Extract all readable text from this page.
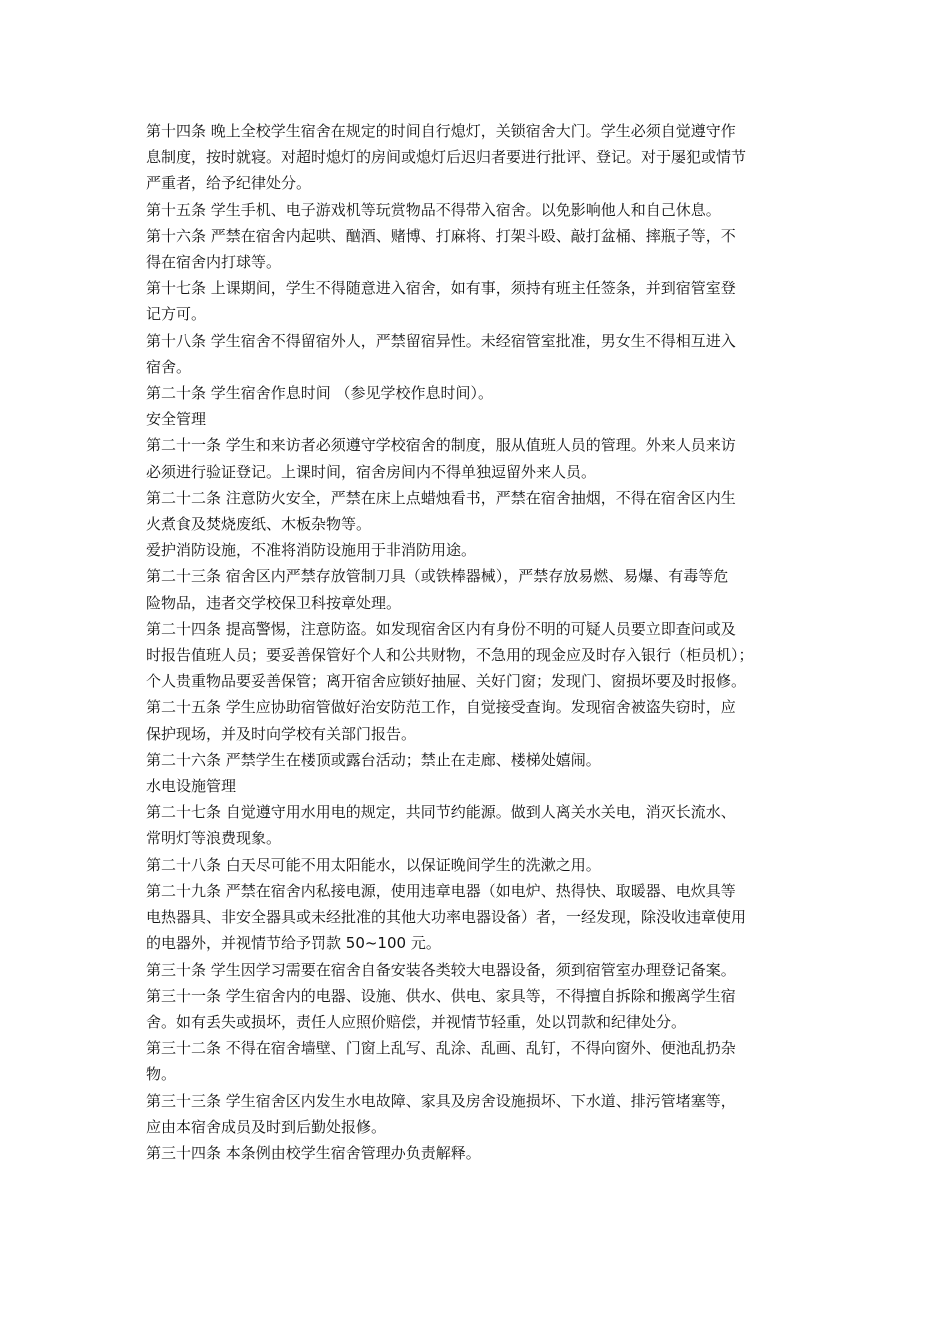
第十四条 晚上全校学生宿舍在规定的时间自行熄灯，关锁宿舍大门。学生必须自觉遵守作
息制度，按时就寝。对超时熄灯的房间或熄灯后迟归者要进行批评、登记。对于屡犯或情节
严重者，给予纪律处分。
第十五条 学生手机、电子游戏机等玩赏物品不得带入宿舍。以免影响他人和自己休息。
第十六条 严禁在宿舍内起哄、酗酒、赌博、打麻将、打架斗殴、敲打盆桶、摔瓶子等，不
得在宿舍内打球等。
第十七条 上课期间，学生不得随意进入宿舍，如有事，须持有班主任签条，并到宿管室登
记方可。
第十八条 学生宿舍不得留宿外人，严禁留宿异性。未经宿管室批准，男女生不得相互进入
宿舍。
第二十条 学生宿舍作息时间 （参见学校作息时间）。
安全管理
第二十一条 学生和来访者必须遵守学校宿舍的制度，服从值班人员的管理。外来人员来访
必须进行验证登记。上课时间，宿舍房间内不得单独逗留外来人员。
第二十二条 注意防火安全，严禁在床上点蜡烛看书，严禁在宿舍抽烟，不得在宿舍区内生
火煮食及焚烧废纸、木板杂物等。
爱护消防设施，不准将消防设施用于非消防用途。
第二十三条 宿舍区内严禁存放管制刀具（或铁棒器械），严禁存放易燃、易爆、有毒等危
险物品，违者交学校保卫科按章处理。
第二十四条 提高警惕，注意防盗。如发现宿舍区内有身份不明的可疑人员要立即查问或及
时报告值班人员；要妥善保管好个人和公共财物，不急用的现金应及时存入银行（柜员机）；
个人贵重物品要妥善保管；离开宿舍应锁好抽屉、关好门窗；发现门、窗损坏要及时报修。
第二十五条 学生应协助宿管做好治安防范工作，自觉接受查询。发现宿舍被盗失窃时，应
保护现场，并及时向学校有关部门报告。
第二十六条 严禁学生在楼顶或露台活动；禁止在走廊、楼梯处嬉闹。
水电设施管理
第二十七条 自觉遵守用水用电的规定，共同节约能源。做到人离关水关电，消灭长流水、
常明灯等浪费现象。
第二十八条 白天尽可能不用太阳能水，以保证晚间学生的洗漱之用。
第二十九条 严禁在宿舍内私接电源，使用违章电器（如电炉、热得快、取暖器、电炊具等
电热器具、非安全器具或未经批准的其他大功率电器设备）者，一经发现，除没收违章使用
的电器外，并视情节给予罚款 50~100 元。
第三十条 学生因学习需要在宿舍自备安装各类较大电器设备，须到宿管室办理登记备案。
第三十一条 学生宿舍内的电器、设施、供水、供电、家具等，不得擅自拆除和搬离学生宿
舍。如有丢失或损坏，责任人应照价赔偿，并视情节轻重，处以罚款和纪律处分。
第三十二条 不得在宿舍墙壁、门窗上乱写、乱涂、乱画、乱钉，不得向窗外、便池乱扔杂
物。
第三十三条 学生宿舍区内发生水电故障、家具及房舍设施损坏、下水道、排污管堵塞等，
应由本宿舍成员及时到后勤处报修。
第三十四条 本条例由校学生宿舍管理办负责解释。
